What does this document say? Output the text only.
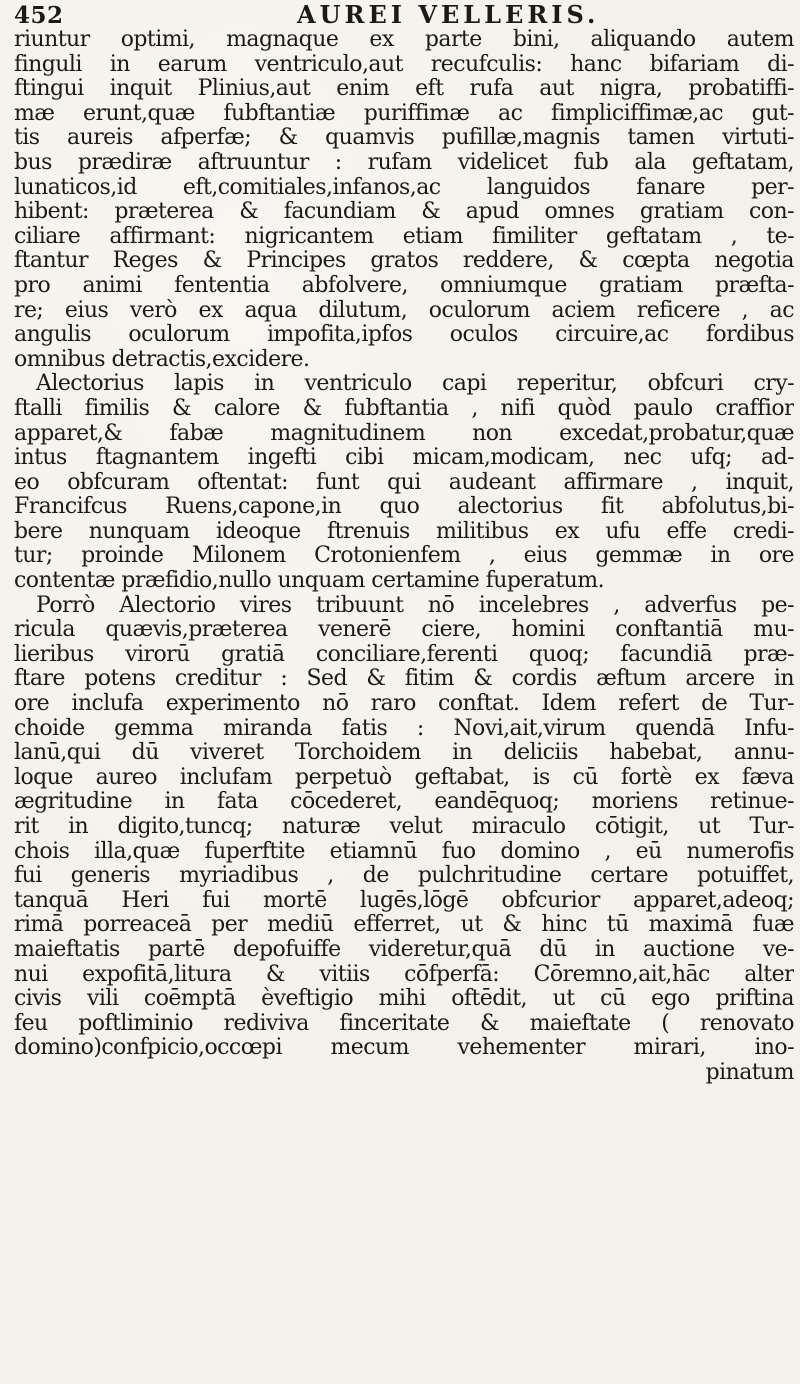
452	AUREI VELLERIS.
riuntur optimi, magnaque ex parte bini, aliquando autem
finguli in earum ventriculo,aut recufculis: hanc bifariam di-
ftingui inquit Plinius,aut enim eft rufa aut nigra, probatiffi-
mæ erunt,quæ fubftantiæ puriffimæ ac fimpliciffimæ,ac gut-
tis aureis afperfæ; & quamvis pufillæ,magnis tamen virtuti-
bus prædiræ aftruuntur : rufam videlicet fub ala geftatam,
lunaticos,id eft,comitiales,infanos,ac languidos fanare per-
hibent: præterea & facundiam & apud omnes gratiam con-
ciliare affirmant: nigricantem etiam fimiliter geftatam , te-
ftantur Reges & Principes gratos reddere, & cœpta negotia
pro animi fententia abfolvere, omniumque gratiam præfta-
re; eius verò ex aqua dilutum, oculorum aciem reficere , ac
angulis oculorum impofita,ipfos oculos circuire,ac fordibus
omnibus detractis,excidere.
Alectorius lapis in ventriculo capi reperitur, obfcuri cry-
ftalli fimilis & calore & fubftantia , nifi quòd paulo craffior
apparet,& fabæ magnitudinem non excedat,probatur,quæ
intus ftagnantem ingefti cibi micam,modicam, nec ufq; ad-
eo obfcuram oftentat: funt qui audeant affirmare , inquit,
Francifcus Ruens,capone,in quo alectorius fit abfolutus,bi-
bere nunquam ideoque ftrenuis militibus ex ufu effe credi-
tur; proinde Milonem Crotonienfem , eius gemmæ in ore
contentæ præfidio,nullo unquam certamine fuperatum.
Porrò Alectorio vires tribuunt nō incelebres , adverfus pe-
ricula quævis,præterea venerē ciere, homini conftantiā mu-
lieribus virorū gratiā conciliare,ferenti quoq; facundiā præ-
ftare potens creditur : Sed & fitim & cordis æftum arcere in
ore inclufa experimento nō raro conftat. Idem refert de Tur-
choide gemma miranda fatis : Novi,ait,virum quendā Infu-
lanū,qui dū viveret Torchoidem in deliciis habebat, annu-
loque aureo inclufam perpetuò geftabat, is cū fortè ex fæva
ægritudine in fata cōcederet, eandēquoq; moriens retinue-
rit in digito,tuncq; naturæ velut miraculo cōtigit, ut Tur-
chois illa,quæ fuperftite etiamnū fuo domino , eū numerofis
fui generis myriadibus , de pulchritudine certare potuiffet,
tanquā Heri fui mortē lugēs,lōgē obfcurior apparet,adeoq;
rimā porreaceā per mediū efferret, ut & hinc tū maximā fuæ
maieftatis partē depofuiffe videretur,quā dū in auctione ve-
nui expofitā,litura & vitiis cōfperfā: Cōremno,ait,hāc alter
civis vili coēmptā èveftigio mihi oftēdit, ut cū ego priftina
feu poftliminio rediviva finceritate & maieftate ( renovato
domino)confpicio,occœpi mecum vehementer mirari, ino-
pinatum
